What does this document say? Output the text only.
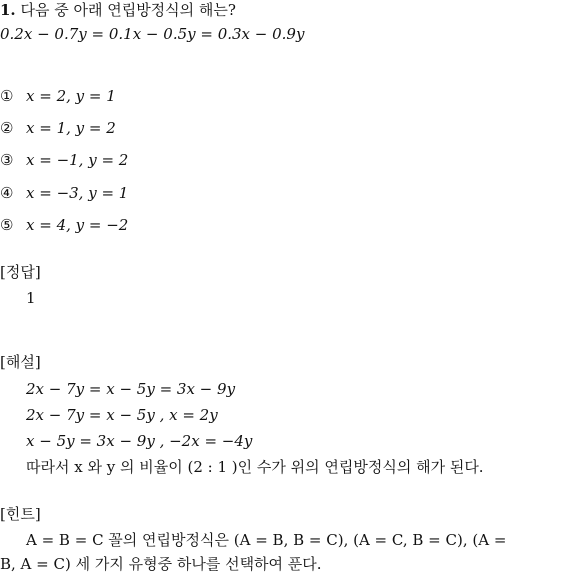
1. 다음 중 아래 연립방정식의 해는?
0.2x − 0.7y = 0.1x − 0.5y = 0.3x − 0.9y
① x = 2, y = 1
② x = 1, y = 2
③ x = −1, y = 2
④ x = −3, y = 1
⑤ x = 4, y = −2
[정답]
1
[해설]
2x − 7y = x − 5y = 3x − 9y
2x − 7y = x − 5y , x = 2y
x − 5y = 3x − 9y , −2x = −4y
따라서 x 와 y 의 비율이 (2 : 1 )인 수가 위의 연립방정식의 해가 된다.
[힌트]
A = B = C 꼴의 연립방정식은 (A = B, B = C), (A = C, B = C), (A =
B, A = C) 세 가지 유형중 하나를 선택하여 푼다.
